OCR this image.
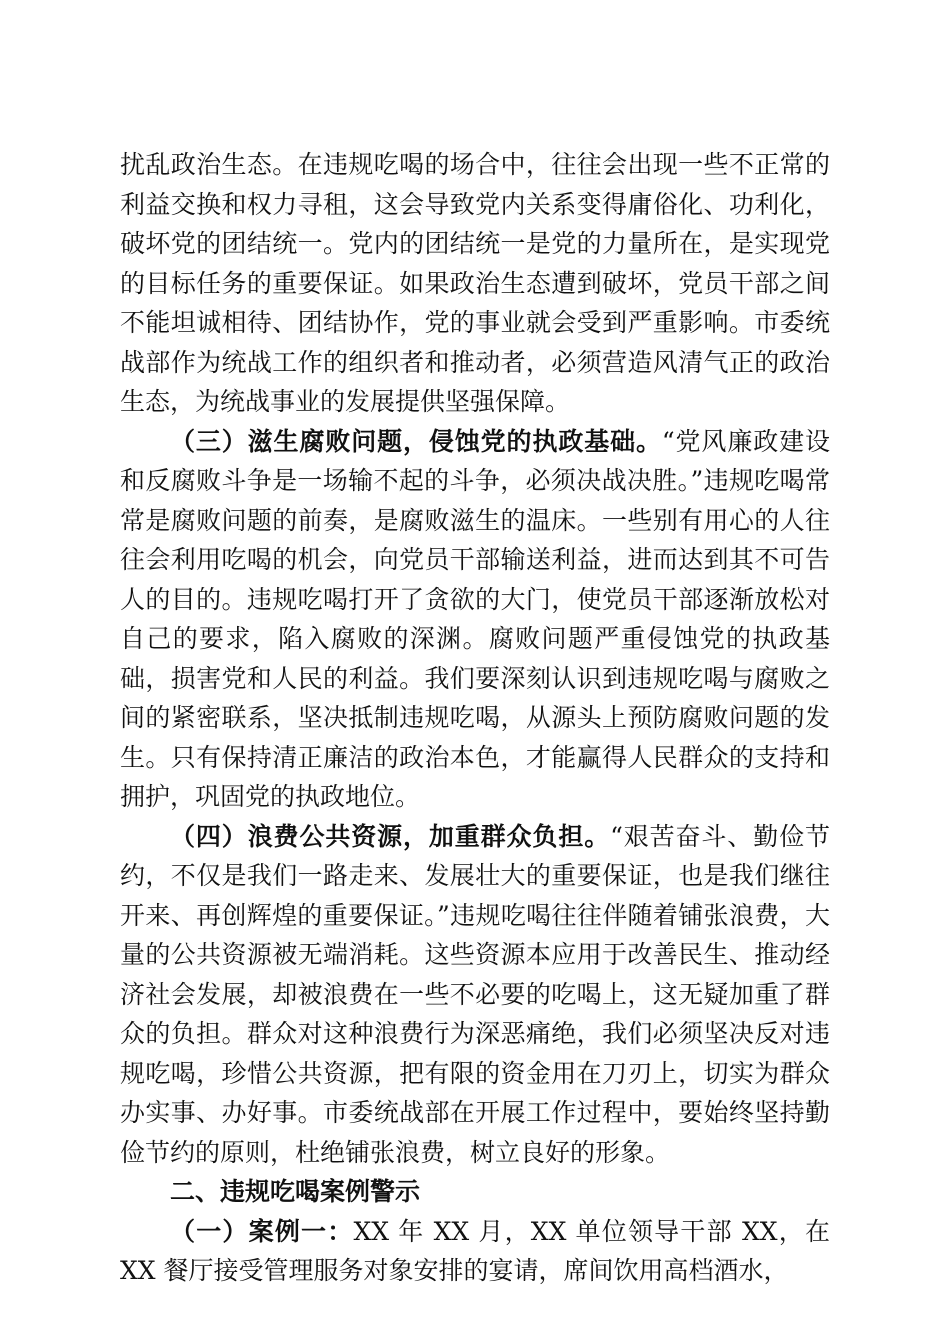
扰乱政治生态。在违规吃喝的场合中，往往会出现一些不正常的利益交换和权力寻租，这会导致党内关系变得庸俗化、功利化，破坏党的团结统一。党内的团结统一是党的力量所在，是实现党的目标任务的重要保证。如果政治生态遭到破坏，党员干部之间不能坦诚相待、团结协作，党的事业就会受到严重影响。市委统战部作为统战工作的组织者和推动者，必须营造风清气正的政治生态，为统战事业的发展提供坚强保障。

（三）滋生腐败问题，侵蚀党的执政基础。“党风廉政建设和反腐败斗争是一场输不起的斗争，必须决战决胜。”违规吃喝常常是腐败问题的前奏，是腐败滋生的温床。一些别有用心的人往往会利用吃喝的机会，向党员干部输送利益，进而达到其不可告人的目的。违规吃喝打开了贪欲的大门，使党员干部逐渐放松对自己的要求，陷入腐败的深渊。腐败问题严重侵蚀党的执政基础，损害党和人民的利益。我们要深刻认识到违规吃喝与腐败之间的紧密联系，坚决抵制违规吃喝，从源头上预防腐败问题的发生。只有保持清正廉洁的政治本色，才能赢得人民群众的支持和拥护，巩固党的执政地位。

（四）浪费公共资源，加重群众负担。“艰苦奋斗、勤俭节约，不仅是我们一路走来、发展壮大的重要保证，也是我们继往开来、再创辉煌的重要保证。”违规吃喝往往伴随着铺张浪费，大量的公共资源被无端消耗。这些资源本应用于改善民生、推动经济社会发展，却被浪费在一些不必要的吃喝上，这无疑加重了群众的负担。群众对这种浪费行为深恶痛绝，我们必须坚决反对违规吃喝，珍惜公共资源，把有限的资金用在刀刃上，切实为群众办实事、办好事。市委统战部在开展工作过程中，要始终坚持勤俭节约的原则，杜绝铺张浪费，树立良好的形象。

二、违规吃喝案例警示

（一）案例一：XX 年 XX 月，XX 单位领导干部 XX，在 XX 餐厅接受管理服务对象安排的宴请，席间饮用高档酒水，
